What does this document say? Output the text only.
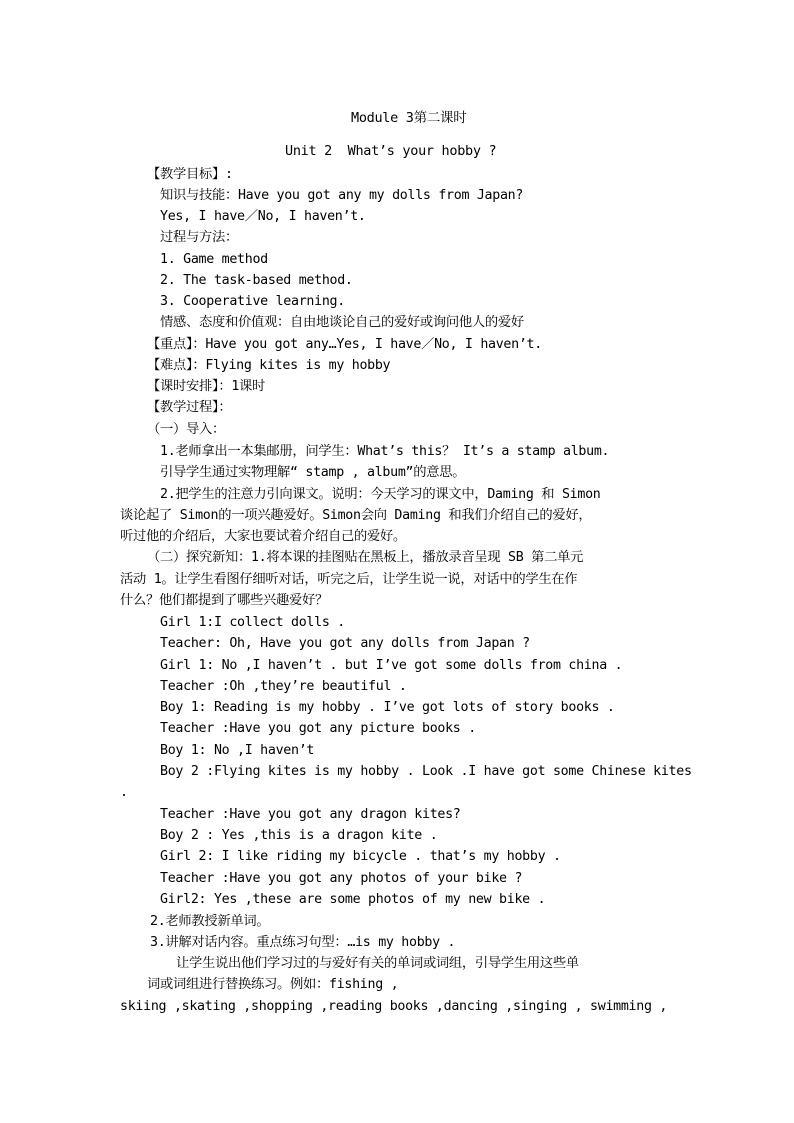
Module 3第二课时
Unit 2  What’s your hobby ?
【教学目标】:
知识与技能：Have you got any my dolls from Japan?
Yes, I have／No, I haven’t.
过程与方法：
1. Game method
2. The task-based method.
3. Cooperative learning.
情感、态度和价值观：自由地谈论自己的爱好或询问他人的爱好
【重点】：Have you got any…Yes, I have／No, I haven’t.
【难点】：Flying kites is my hobby
【课时安排】：1课时
【教学过程】：
（一）导入：
1.老师拿出一本集邮册，问学生：What’s this？ It’s a stamp album.
引导学生通过实物理解“ stamp , album”的意思。
2.把学生的注意力引向课文。说明：今天学习的课文中，Daming 和 Simon
谈论起了 Simon的一项兴趣爱好。Simon会向 Daming 和我们介绍自己的爱好，
听过他的介绍后，大家也要试着介绍自己的爱好。
（二）探究新知：1.将本课的挂图贴在黑板上，播放录音呈现 SB 第二单元
活动 1。让学生看图仔细听对话，听完之后，让学生说一说，对话中的学生在作
什么？他们都提到了哪些兴趣爱好？
Girl 1:I collect dolls .
Teacher: Oh, Have you got any dolls from Japan ?
Girl 1: No ,I haven’t . but I’ve got some dolls from china .
Teacher :Oh ,they’re beautiful .
Boy 1: Reading is my hobby . I’ve got lots of story books .
Teacher :Have you got any picture books .
Boy 1: No ,I haven’t
Boy 2 :Flying kites is my hobby . Look .I have got some Chinese kites
.
Teacher :Have you got any dragon kites?
Boy 2 : Yes ,this is a dragon kite .
Girl 2: I like riding my bicycle . that’s my hobby .
Teacher :Have you got any photos of your bike ?
Girl2: Yes ,these are some photos of my new bike .
2.老师教授新单词。
3.讲解对话内容。重点练习句型：…is my hobby .
让学生说出他们学习过的与爱好有关的单词或词组，引导学生用这些单
词或词组进行替换练习。例如：fishing ,
skiing ,skating ,shopping ,reading books ,dancing ,singing , swimming ,
